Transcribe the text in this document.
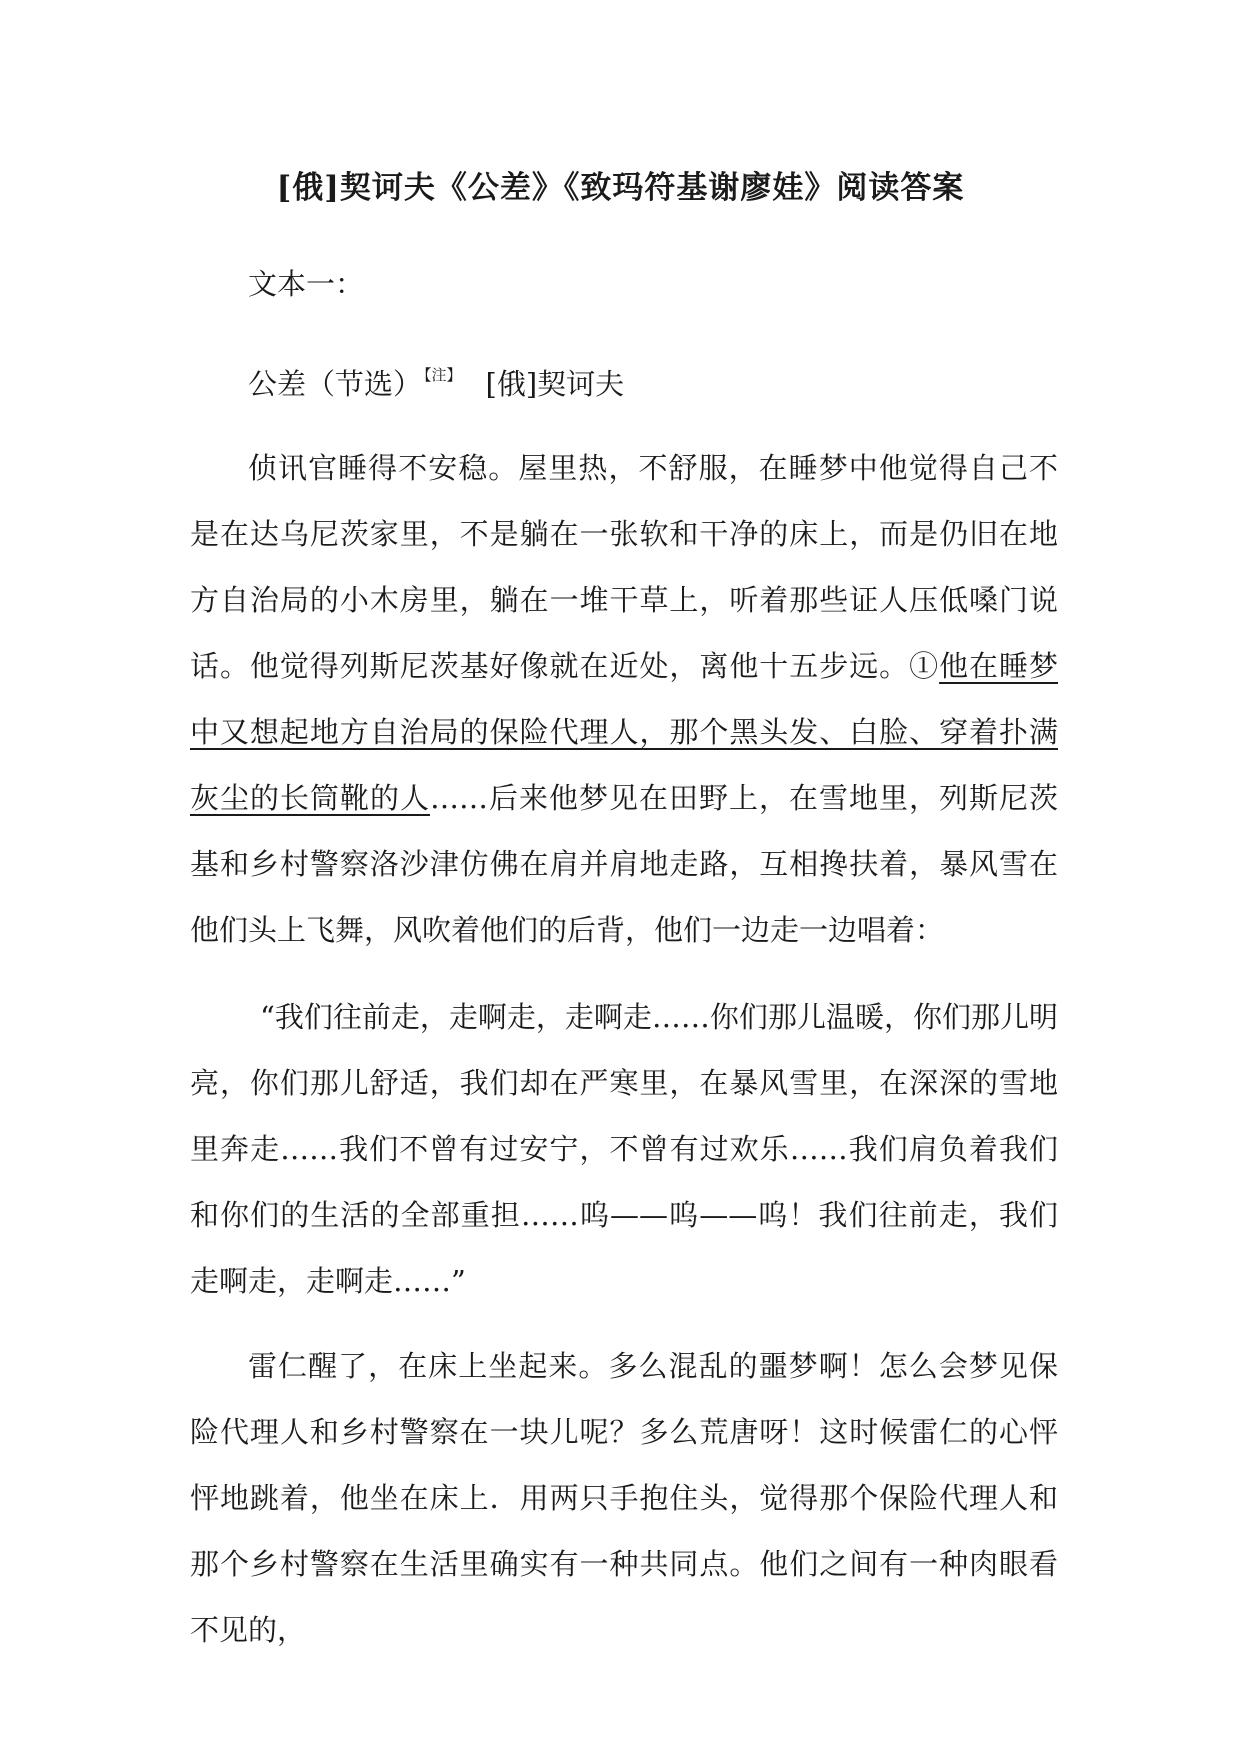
[俄]契诃夫《公差》《致玛符基谢廖娃》阅读答案
文本一：
公差（节选） $^{【注】}$ [俄]契诃夫
侦讯官睡得不安稳。屋里热，不舒服，在睡梦中他觉得自己不是在达乌尼茨家里，不是躺在一张软和干净的床上，而是仍旧在地方自治局的小木房里，躺在一堆干草上，听着那些证人压低嗓门说话。他觉得列斯尼茨基好像就在近处，离他十五步远。①他在睡梦中又想起地方自治局的保险代理人，那个黑头发、白脸、穿着扑满灰尘的长筒靴的人……后来他梦见在田野上，在雪地里，列斯尼茨基和乡村警察洛沙津仿佛在肩并肩地走路，互相搀扶着，暴风雪在他们头上飞舞，风吹着他们的后背，他们一边走一边唱着：
“我们往前走，走啊走，走啊走……你们那儿温暖，你们那儿明亮，你们那儿舒适，我们却在严寒里，在暴风雪里，在深深的雪地里奔走……我们不曾有过安宁，不曾有过欢乐……我们肩负着我们和你们的生活的全部重担……呜——呜——呜！我们往前走，我们走啊走，走啊走……”
雷仁醒了，在床上坐起来。多么混乱的噩梦啊！怎么会梦见保险代理人和乡村警察在一块儿呢？多么荒唐呀！这时候雷仁的心怦怦地跳着，他坐在床上．用两只手抱住头，觉得那个保险代理人和那个乡村警察在生活里确实有一种共同点。他们之间有一种肉眼看不见的，
